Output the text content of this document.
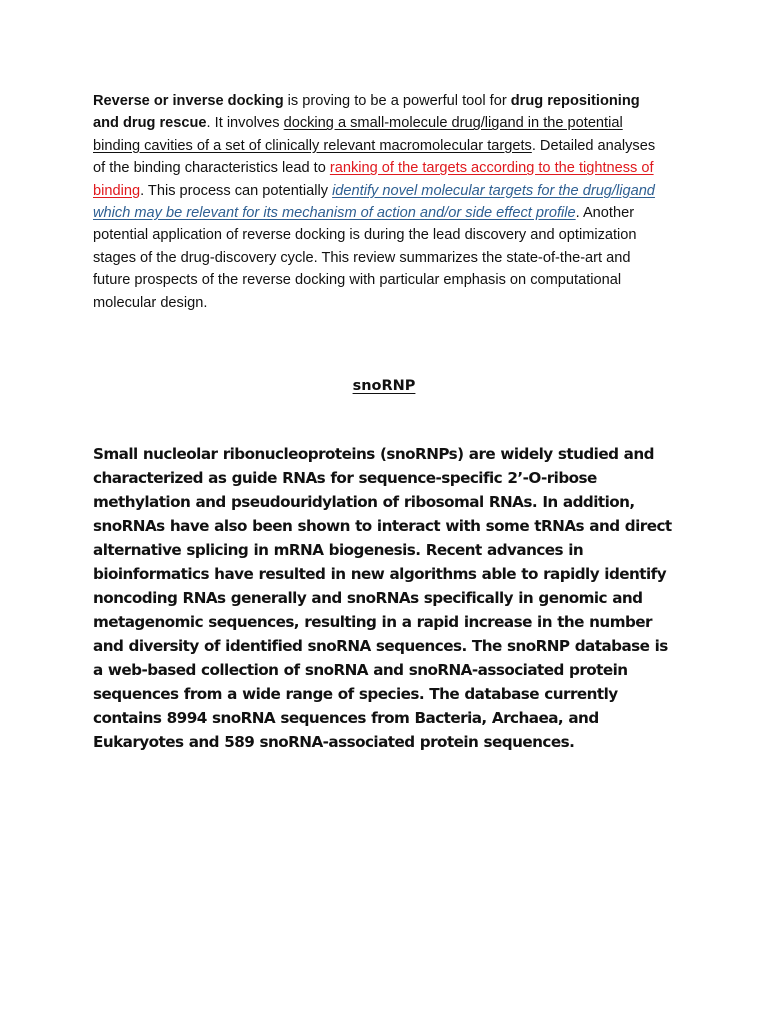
Reverse or inverse docking is proving to be a powerful tool for drug repositioning and drug rescue. It involves docking a small-molecule drug/ligand in the potential binding cavities of a set of clinically relevant macromolecular targets. Detailed analyses of the binding characteristics lead to ranking of the targets according to the tightness of binding. This process can potentially identify novel molecular targets for the drug/ligand which may be relevant for its mechanism of action and/or side effect profile. Another potential application of reverse docking is during the lead discovery and optimization stages of the drug-discovery cycle. This review summarizes the state-of-the-art and future prospects of the reverse docking with particular emphasis on computational molecular design.

snoRNP

Small nucleolar ribonucleoproteins (snoRNPs) are widely studied and characterized as guide RNAs for sequence-specific 2’-O-ribose methylation and pseudouridylation of ribosomal RNAs. In addition, snoRNAs have also been shown to interact with some tRNAs and direct alternative splicing in mRNA biogenesis. Recent advances in bioinformatics have resulted in new algorithms able to rapidly identify noncoding RNAs generally and snoRNAs specifically in genomic and metagenomic sequences, resulting in a rapid increase in the number and diversity of identified snoRNA sequences. The snoRNP database is a web-based collection of snoRNA and snoRNA-associated protein sequences from a wide range of species. The database currently contains 8994 snoRNA sequences from Bacteria, Archaea, and Eukaryotes and 589 snoRNA-associated protein sequences.
